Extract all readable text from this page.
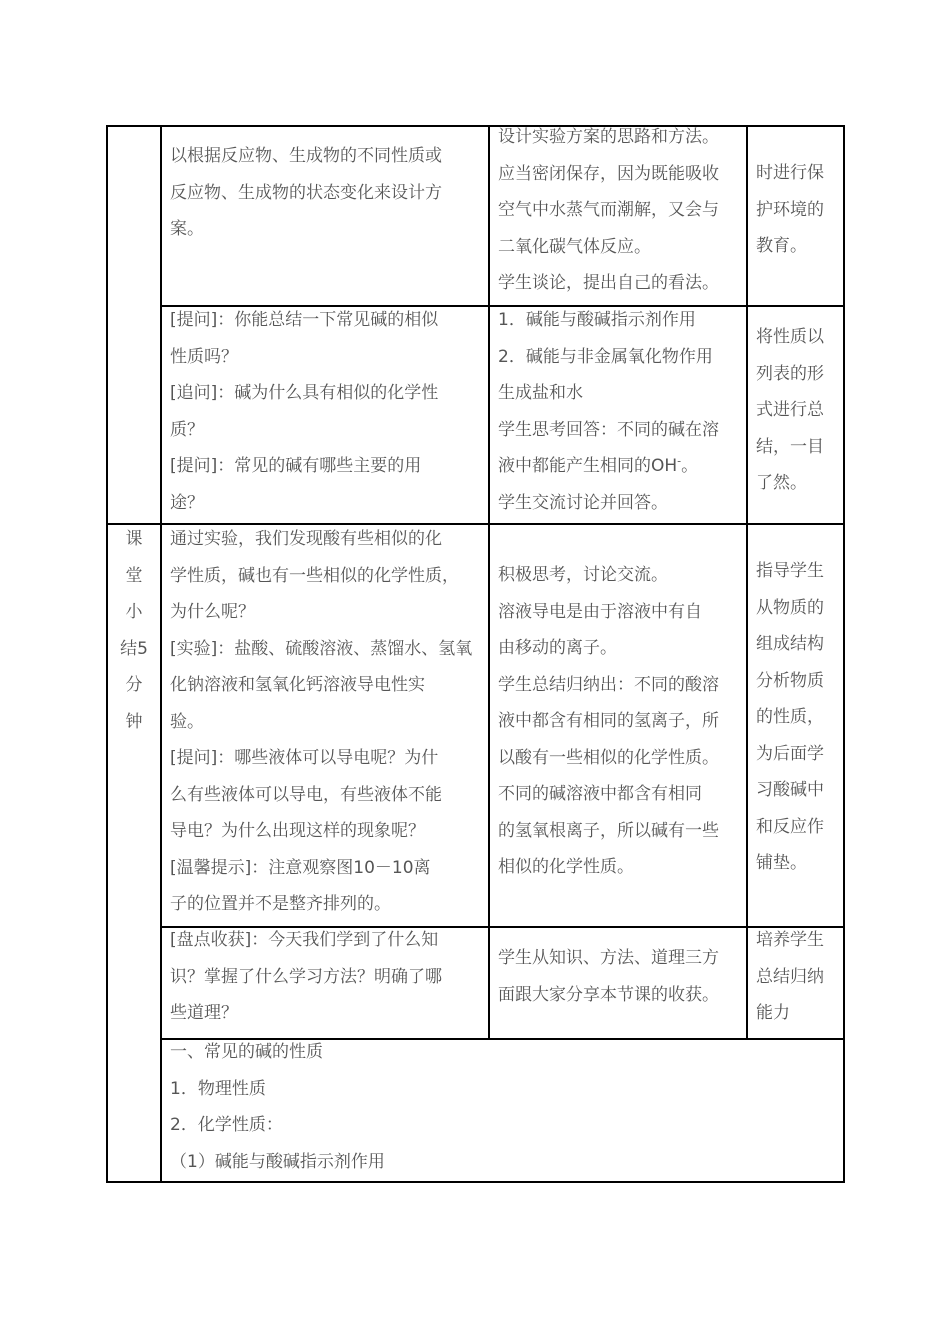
以根据反应物、生成物的不同性质或

反应物、生成物的状态变化来设计方

案。

设计实验方案的思路和方法。

应当密闭保存，因为既能吸收

空气中水蒸气而潮解，又会与

二氧化碳气体反应。

学生谈论，提出自己的看法。

时进行保

护环境的

教育。

[提问]：你能总结一下常见碱的相似

性质吗？

[追问]：碱为什么具有相似的化学性

质？

[提问]：常见的碱有哪些主要的用

途？

1．碱能与酸碱指示剂作用

2．碱能与非金属氧化物作用

生成盐和水

学生思考回答：不同的碱在溶

液中都能产生相同的OH-。

学生交流讨论并回答。

将性质以

列表的形

式进行总

结，一目

了然。

课

堂

小

结5

分

钟

通过实验，我们发现酸有些相似的化

学性质，碱也有一些相似的化学性质，

为什么呢？

[实验]：盐酸、硫酸溶液、蒸馏水、氢氧

化钠溶液和氢氧化钙溶液导电性实

验。

[提问]：哪些液体可以导电呢？为什

么有些液体可以导电，有些液体不能

导电？为什么出现这样的现象呢？

[温馨提示]：注意观察图10－10离

子的位置并不是整齐排列的。

积极思考，讨论交流。

溶液导电是由于溶液中有自

由移动的离子。

学生总结归纳出：不同的酸溶

液中都含有相同的氢离子，所

以酸有一些相似的化学性质。

不同的碱溶液中都含有相同

的氢氧根离子，所以碱有一些

相似的化学性质。

指导学生

从物质的

组成结构

分析物质

的性质，

为后面学

习酸碱中

和反应作

铺垫。

[盘点收获]：今天我们学到了什么知

识？掌握了什么学习方法？明确了哪

些道理？

学生从知识、方法、道理三方

面跟大家分享本节课的收获。

培养学生

总结归纳

能力

一、常见的碱的性质

1．物理性质

2．化学性质：

（1）碱能与酸碱指示剂作用
